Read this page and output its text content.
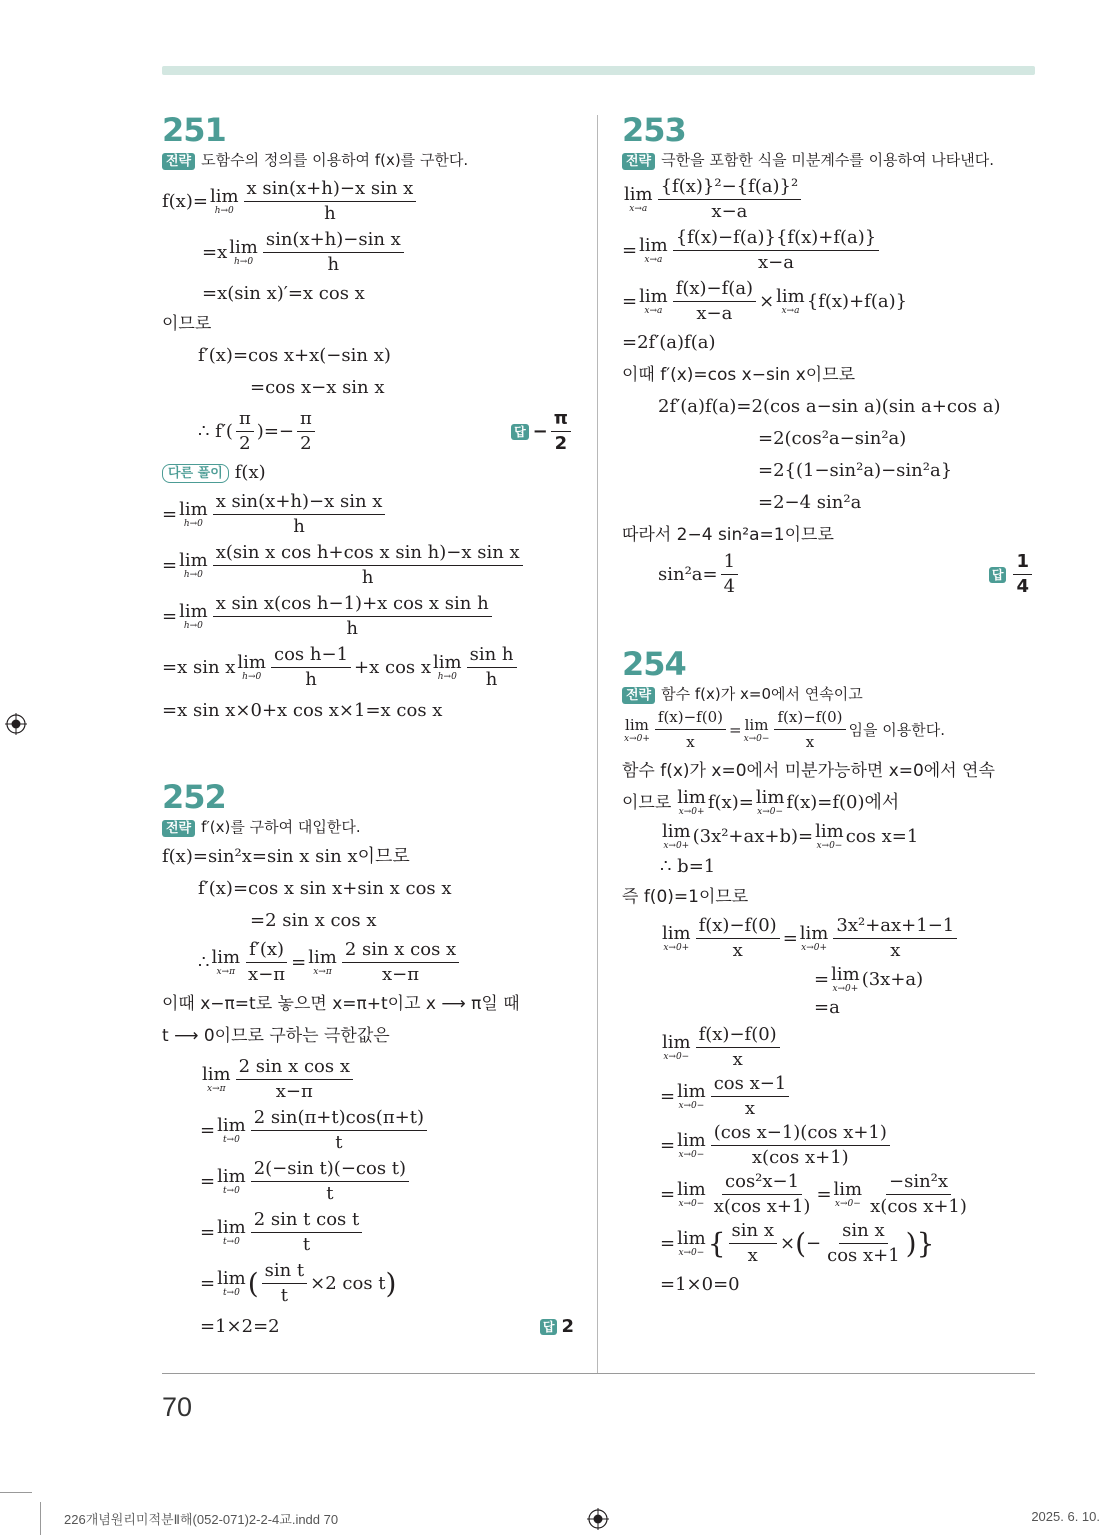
251
전략 도함수의 정의를 이용하여 f(x)를 구한다.
f(x)= lim
h→0
x sin(x+h)−x sin x
h
=x lim
h→0
sin(x+h)−sin x
h
=x(sin x)′=x cos x
이므로
f′(x)=cos x+x(−sin x)
=cos x−x sin x
∴ f′(
π
2
)=− $\frac{\pi}{2}$	답 − $\frac{\pi}{2}$
다른 풀이 f(x)
= lim
h→0
x sin(x+h)−x sin x
h
= lim
h→0
x(sin x cos h+cos x sin h)−x sin x
h
= lim
h→0
x sin x(cos h−1)+x cos x sin h
h
=x sin x lim
h→0
cos h−1
h
+x cos x lim
h→0
sin h
h
=x sin x×0+x cos x×1=x cos x
252
전략 f′(x)를 구하여 대입한다.
f(x)=sin²x=sin x sin x이므로
f′(x)=cos x sin x+sin x cos x
=2 sin x cos x
∴ lim
$x\to\pi \frac{f'(x)}{x-\pi} = \lim$
x→π
2 sin x cos x
x−π
이때 x−π=t로 놓으면 x=π+t이고 x ⟶ π일 때
t ⟶ 0이므로 구하는 극한값은
lim
x→π
2 sin x cos x
x−π
= lim
t→0
2 sin(π+t)cos(π+t)
t
= lim
t→0
2(−sin t)(−cos t)
t
= lim
t→0
2 sin t cos t
t
= lim
t→0 ( $\frac{\text{sin t}}{t} \times 2$ cos t )
=1×2=2	답 2
253
전략 극한을 포함한 식을 미분계수를 이용하여 나타낸다.
lim
x→a
{f(x)}²−{f(a)}²
x−a
= lim
x→a
{f(x)−f(a)}{f(x)+f(a)}
x−a
= lim
$x\to a \frac{f(x)-f(a)}{x-a} \times \lim$
x→a {f(x)+f(a)}
=2f′(a)f(a)
이때 f′(x)=cos x−sin x이므로
2f′(a)f(a)=2(cos a−sin a)(sin a+cos a)
=2(cos²a−sin²a)
=2{(1−sin²a)−sin²a}
=2−4 sin²a
따라서 2−4 sin²a=1이므로
$\sin^2a= \frac{1}{4}$	답
1
4
254
전략 함수 f(x)가 x=0에서 연속이고
lim
$x\to 0+ \frac{f(x)-f(0)}{x} = \lim$
$x\to 0- \frac{f(x)-f(0)}{x}$ 임을 이용한다.
함수 f(x)가 x=0에서 미분가능하면 x=0에서 연속
이므로 lim
x→0+ f(x)= lim
x→0− f(x)=f(0)에서
lim
x→0+ (3x²+ax+b)= lim
x→0− cos x=1
∴ b=1
즉 f(0)=1이므로
lim
$x\to 0+ \frac{f(x)-f(0)}{x} = \lim$
$x\to 0+ \frac{\text{3x²+ax+1−1}}{x}$
= lim
x→0+ (3x+a)
=a
lim
$x\to 0- \frac{f(x)-f(0)}{x}$
= lim
$x\to 0- \frac{\text{cos x−1}}{x}$
= lim
$x\to 0- \frac{\text{(cos x−1)(cos x+1)}}{\text{x(cos x+1)}}$
= lim
$x\to 0- \frac{\text{cos²x−1}}{\text{x(cos x+1)}} = \lim$
$x\to 0- \frac{\text{−sin²x}}{\text{x(cos x+1)}}$
= lim
x→0− { $\frac{\text{sin x}}{x}$ × ( − $\frac{\text{sin x}}{\text{cos x+1}}$ )}
=1×0=0
70
226개념원리미적분Ⅱ해(052-071)2-2-4교.indd 70	2025. 6. 10.
